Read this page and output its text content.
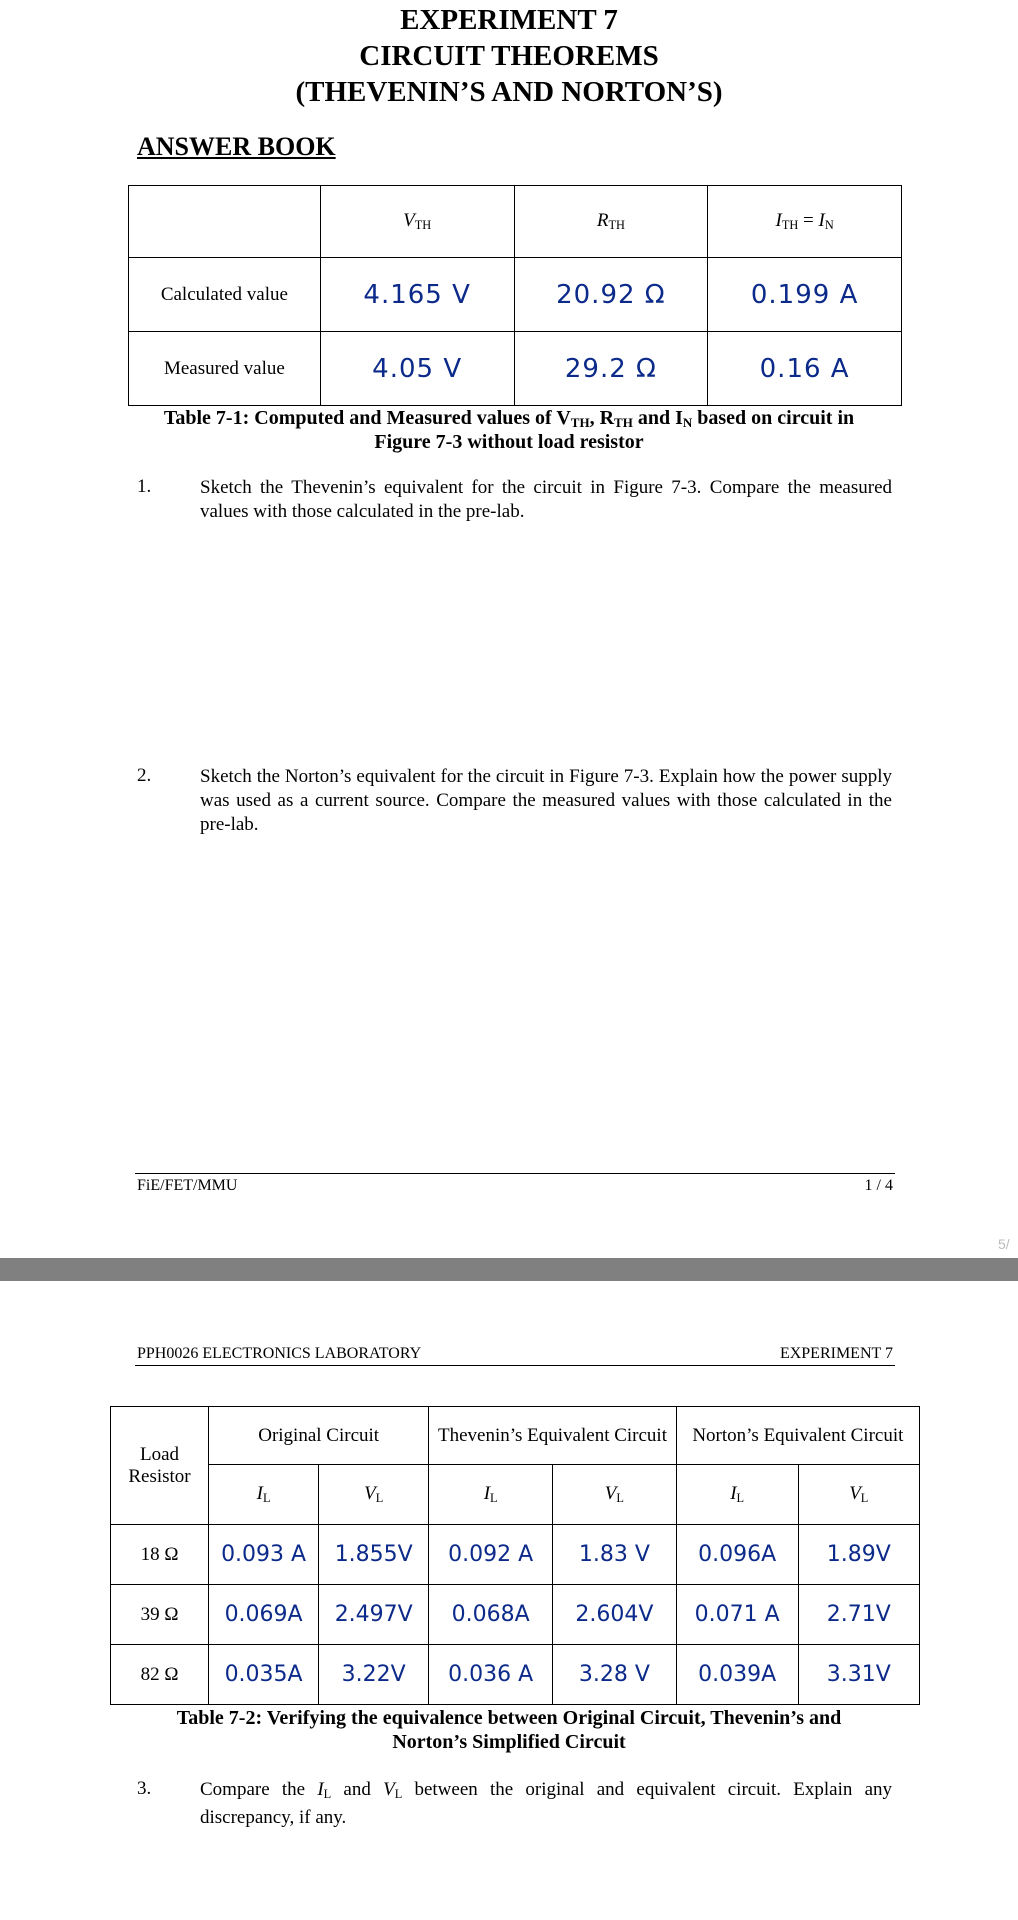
EXPERIMENT 7
CIRCUIT THEOREMS
(THEVENIN’S AND NORTON’S)
ANSWER BOOK
	$V_{TH}$	$R_{TH}$	$I_{TH} = I_N$
Calculated value	4.165 V	20.92 Ω	0.199 A
Measured value	4.05 V	29.2 Ω	0.16 A
Table 7-1: Computed and Measured values of $V_{TH}$, $R_{TH}$ and $I_N$ based on circuit in
Figure 7-3 without load resistor
1.	Sketch the Thevenin’s equivalent for the circuit in Figure 7-3. Compare the measured values with those calculated in the pre-lab.
2.	Sketch the Norton’s equivalent for the circuit in Figure 7-3. Explain how the power supply was used as a current source. Compare the measured values with those calculated in the pre-lab.
FiE/FET/MMU	1 / 4
5/
PPH0026 ELECTRONICS LABORATORY	EXPERIMENT 7
Load Resistor	Original Circuit		Thevenin’s Equivalent Circuit		Norton’s Equivalent Circuit	
	$I_L$	$V_L$	$I_L$	$V_L$	$I_L$	$V_L$
18 Ω	0.093 A	1.855V	0.092 A	1.83 V	0.096A	1.89V
39 Ω	0.069A	2.497V	0.068A	2.604V	0.071 A	2.71V
82 Ω	0.035A	3.22V	0.036 A	3.28 V	0.039A	3.31V
Table 7-2: Verifying the equivalence between Original Circuit, Thevenin’s and
Norton’s Simplified Circuit
3.	Compare the $I_L$ and $V_L$ between the original and equivalent circuit. Explain any discrepancy, if any.
